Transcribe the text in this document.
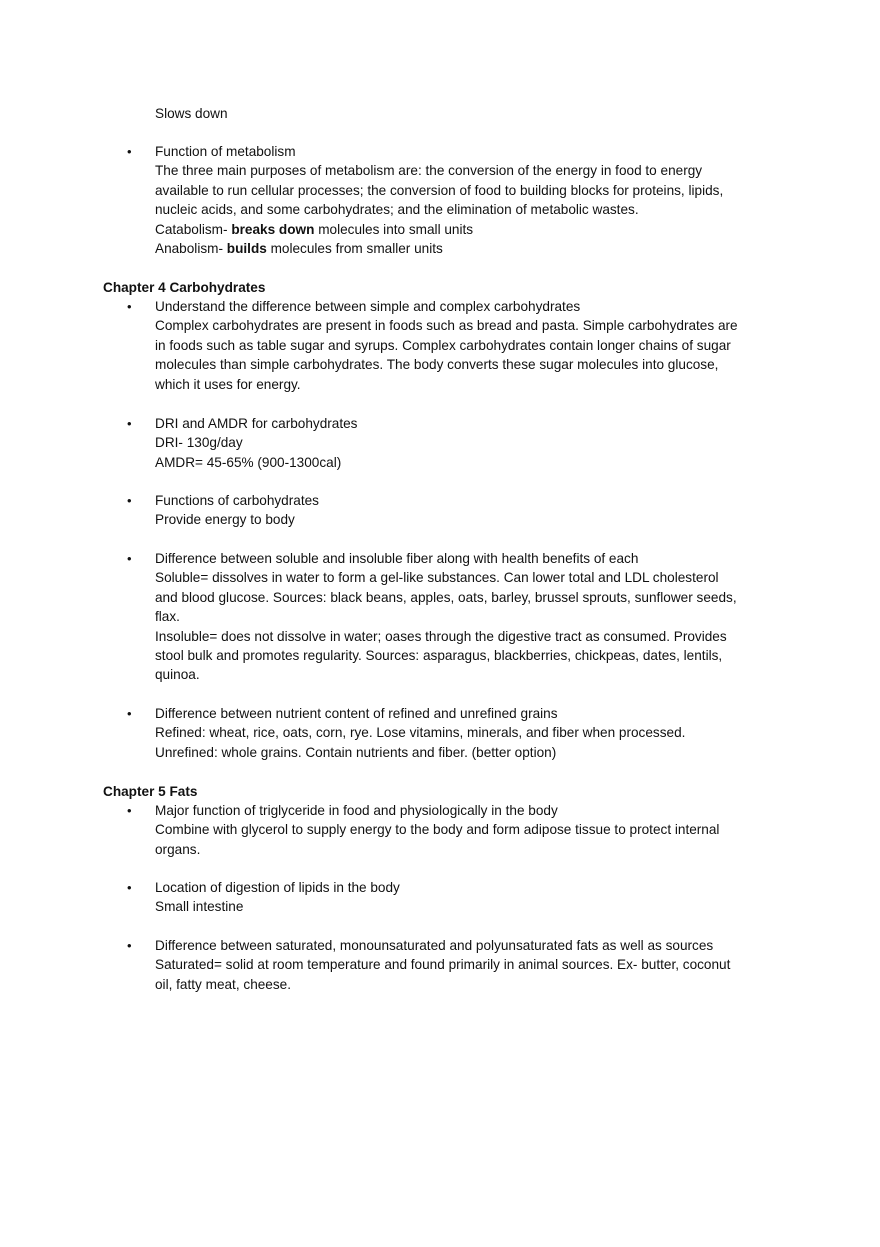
Slows down
• Function of metabolism
The three main purposes of metabolism are: the conversion of the energy in food to energy
available to run cellular processes; the conversion of food to building blocks for proteins, lipids,
nucleic acids, and some carbohydrates; and the elimination of metabolic wastes.
Catabolism- breaks down molecules into small units
Anabolism- builds molecules from smaller units
Chapter 4 Carbohydrates
• Understand the difference between simple and complex carbohydrates
Complex carbohydrates are present in foods such as bread and pasta. Simple carbohydrates are
in foods such as table sugar and syrups. Complex carbohydrates contain longer chains of sugar
molecules than simple carbohydrates. The body converts these sugar molecules into glucose,
which it uses for energy.
• DRI and AMDR for carbohydrates
DRI- 130g/day
AMDR= 45-65% (900-1300cal)
• Functions of carbohydrates
Provide energy to body
• Difference between soluble and insoluble fiber along with health benefits of each
Soluble= dissolves in water to form a gel-like substances. Can lower total and LDL cholesterol
and blood glucose. Sources: black beans, apples, oats, barley, brussel sprouts, sunflower seeds,
flax.
Insoluble= does not dissolve in water; oases through the digestive tract as consumed. Provides
stool bulk and promotes regularity. Sources: asparagus, blackberries, chickpeas, dates, lentils,
quinoa.
• Difference between nutrient content of refined and unrefined grains
Refined: wheat, rice, oats, corn, rye. Lose vitamins, minerals, and fiber when processed.
Unrefined: whole grains. Contain nutrients and fiber. (better option)
Chapter 5 Fats
• Major function of triglyceride in food and physiologically in the body
Combine with glycerol to supply energy to the body and form adipose tissue to protect internal
organs.
• Location of digestion of lipids in the body
Small intestine
• Difference between saturated, monounsaturated and polyunsaturated fats as well as sources
Saturated= solid at room temperature and found primarily in animal sources. Ex- butter, coconut
oil, fatty meat, cheese.
